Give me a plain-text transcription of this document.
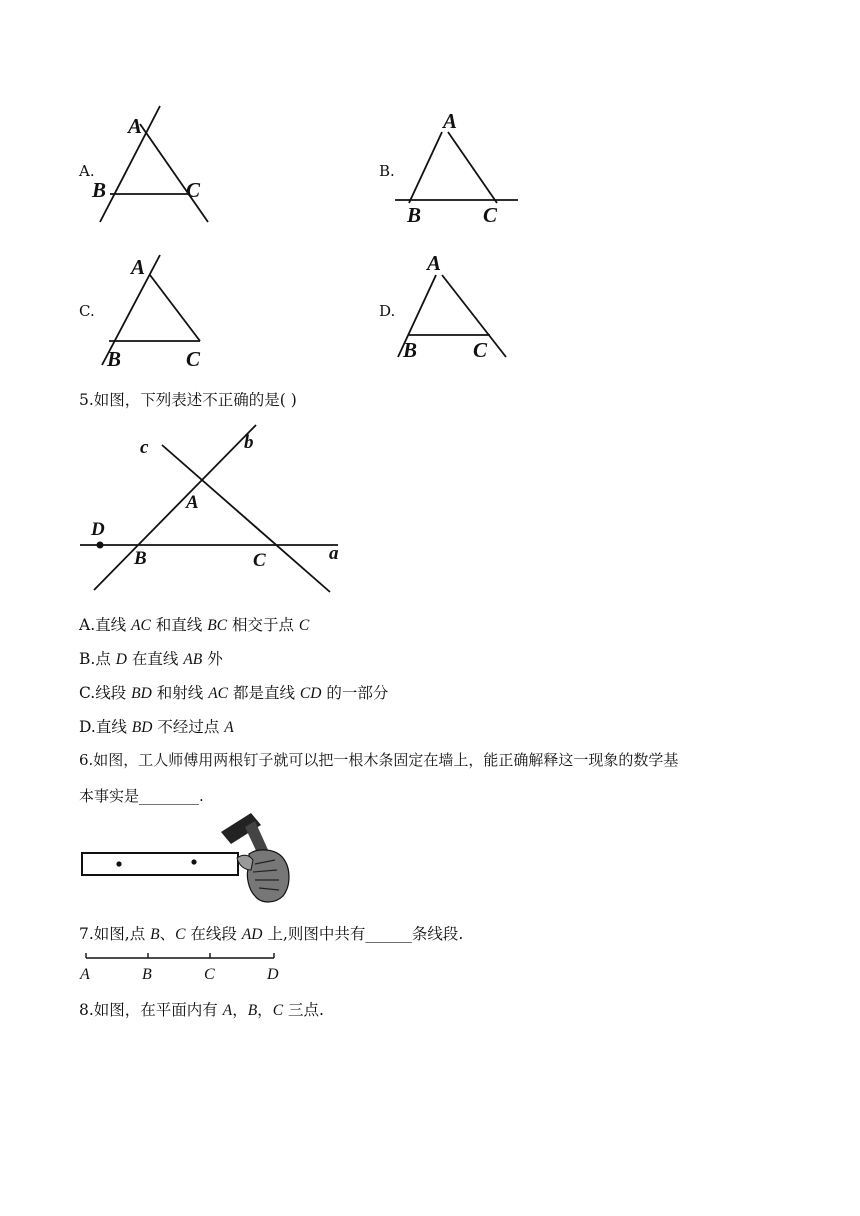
A.
A
B	C
B.
A
B	C
C.
A
B	C
D.
A
B	C
5.如图，下列表述不正确的是( )
c	b
A
D
B	C	a
A.直线 AC 和直线 BC 相交于点 C
B.点 D 在直线 AB 外
C.线段 BD 和射线 AC 都是直线 CD 的一部分
D.直线 BD 不经过点 A
6.如图，工人师傅用两根钉子就可以把一根木条固定在墙上，能正确解释这一现象的数学基
本事实是________.
7.如图,点 B、C 在线段 AD 上,则图中共有______条线段.
A	B	C	D
8.如图，在平面内有 A，B，C 三点.
